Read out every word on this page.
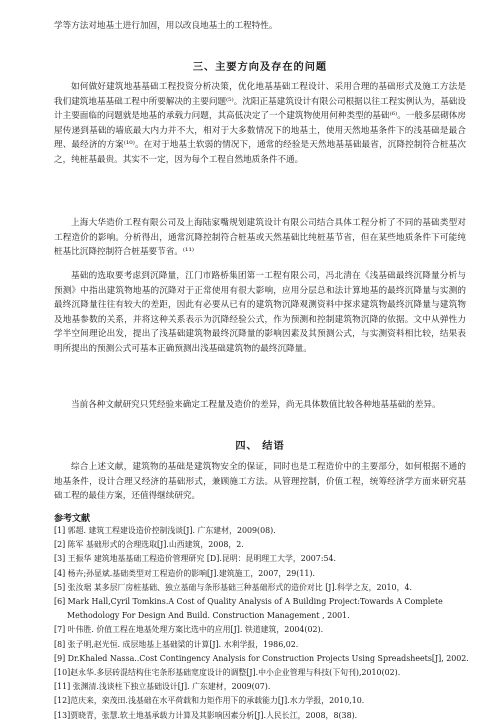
学等方法对地基土进行加固，用以改良地基土的工程特性。

三、主要方向及存在的问题

如何做好建筑地基基础工程投资分析决策，优化地基基础工程设计、采用合理的基础形式及施工方法是我们建筑地基基础工程中所要解决的主要问题⁽⁵⁾。沈阳正基建筑设计有限公司根据以往工程实例认为，基础设计主要面临的问题就是地基的承载力问题，其高低决定了一个建筑物使用何种类型的基础⁽⁶⁾。一般多层砌体房屋传递到基础的墙底最大内力并不大，相对于大多数情况下的地基土，使用天然地基条件下的浅基础是最合理、最经济的方案⁽¹⁰⁾。在对于地基土软弱的情况下，通常的经验是天然地基基础最省，沉降控制符合桩基次之，纯桩基最贵。其实不一定，因为每个工程自然地质条件不通。

上海大华造价工程有限公司及上海陆家嘴规划建筑设计有限公司结合具体工程分析了不同的基础类型对工程造价的影响。分析得出，通常沉降控制符合桩基或天然基础比纯桩基节省，但在某些地质条件下可能纯桩基比沉降控制符合桩基要节省。⁽¹¹⁾

基础的选取要考虑到沉降量，江门市路桥集团第一工程有限公司，冯北清在《浅基础最终沉降量分析与预测》中指出建筑物地基的沉降对于正常使用有很大影响，应用分层总和法计算地基的最终沉降量与实测的最终沉降量往往有较大的差距，因此有必要从已有的建筑物沉降观测资料中探求建筑物最终沉降量与建筑物及地基参数的关系，并将这种关系表示为沉降经验公式，作为预测和控制建筑物沉降的依据。文中从弹性力学半空间理论出发，提出了浅基础建筑物最终沉降量的影响因素及其预测公式，与实测资料相比较，结果表明所提出的预测公式可基本正确预测出浅基础建筑物的最终沉降量。

当前各种文献研究只凭经验来确定工程量及造价的差异，尚无具体数值比较各种地基基础的差异。

四、 结语

综合上述文献，建筑物的基础是建筑物安全的保证，同时也是工程造价中的主要部分，如何根据不通的地基条件，设计合理又经济的基础形式，兼顾施工方法。从管理控制，价值工程，统筹经济学方面来研究基础工程的最佳方案，还值得继续研究。

参考文献
[1] 郭超. 建筑工程建设造价控制浅谈[J]. 广东建材，2009(08).
[2] 陈军 基础形式的合理选取[J].山西建筑，2008，2.
[3] 王振华 建筑地基基础工程造价管理研究 [D].昆明：昆明理工大学，2007:54.
[4] 杨卉;孙显斌.基础类型对工程造价的影响[J].建筑施工，2007，29(11).
[5] 张汝琚 某多层厂房桩基础、独立基础与条形基础三种基础形式的造价对比 [J].科学之友，2010，4.
[6] Mark Hall,Cyril Tomkins.A Cost of Quality Analysis of A Building Project:Towards A Complete Methodology For Design And Build. Construction Management , 2001.
[7] 叶伟胜. 价值工程在地基处理方案比选中的应用[J]. 铁道建筑，2004(02).
[8] 张子明,赵光恒. 成层地基上基础梁的计算[J]. 水利学报，1986,02.
[9] Dr.Khaled Nassa..Cost Contingency Analysis for Construction Projects Using Spreadsheets[J], 2002.
[10]赵永华.多层砖混结构住宅条形基础宽度设计的调整[J].中小企业管理与科技(下旬刊),2010(02).
[11] 张渊清.浅谈柱下独立基础设计[J]. 广东建材，2009(07).
[12]范庆来，栾茂田.浅基础在水平荷载和力矩作用下的承载能力[J].水力学报，2010,10.
[13]贾晓青，张慧.软土地基承载力计算及其影响因素分析[J].人民长江，2008，8(38).
